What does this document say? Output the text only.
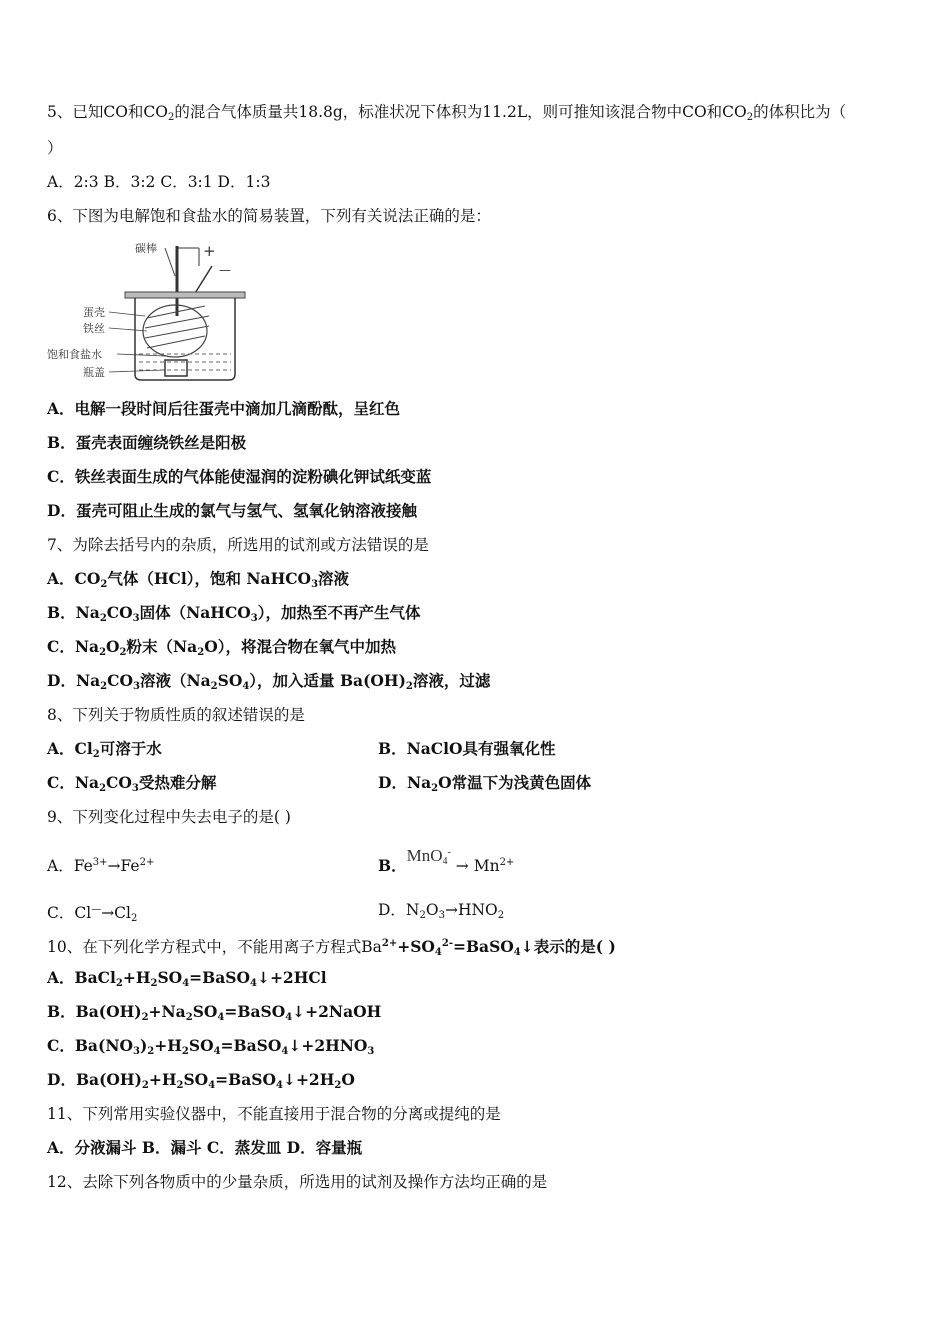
5、已知CO和$CO_2$的混合气体质量共18.8g，标准状况下体积为11.2L，则可推知该混合物中CO和$CO_2$的体积比为（
）
A．2:3 B．3:2 C．3:1 D．1:3
6、下图为电解饱和食盐水的简易装置，下列有关说法正确的是：
碳棒	+
—
蛋壳
铁丝
饱和食盐水
瓶盖
A．电解一段时间后往蛋壳中滴加几滴酚酞，呈红色
B．蛋壳表面缠绕铁丝是阳极
C．铁丝表面生成的气体能使湿润的淀粉碘化钾试纸变蓝
D．蛋壳可阻止生成的氯气与氢气、氢氧化钠溶液接触
7、为除去括号内的杂质，所选用的试剂或方法错误的是
A．$CO_2$气体（HCl），饱和 NaHCO$_3$溶液
B．$Na_2CO_3$固体（NaHCO$_3$），加热至不再产生气体
C．$Na_2O_2$粉末$(Na_2O)$，将混合物在氧气中加热
D．$Na_2CO_3$溶液$(Na_2SO_4)$，加入适量 $Ba(OH)_2$溶液，过滤
8、下列关于物质性质的叙述错误的是
A．$Cl_2$可溶于水	B．NaClO具有强氧化性
C．$Na_2CO_3$受热难分解	D．$Na_2O$常温下为浅黄色固体
9、下列变化过程中失去电子的是( )
A．$Fe^{3+}\to Fe^{2+}$	B．$MnO_4^- \to Mn^{2+}$
C．$Cl^—\to Cl_2$	D．$N_2O_3\to HNO_2$
10、在下列化学方程式中，不能用离子方程式$Ba^{2+}+SO_4^{2-}=BaSO_4↓$表示的是( )
A．$BaCl_2+H_2SO_4=BaSO_4↓+2HCl$
B．$Ba(OH)_2+Na_2SO_4=BaSO_4↓+2NaOH$
C．$Ba(NO_3)_2+H_2SO_4=BaSO_4↓+2HNO_3$
D．$Ba(OH)_2+H_2SO_4=BaSO_4↓+2H_2O$
11、下列常用实验仪器中，不能直接用于混合物的分离或提纯的是
A．分液漏斗 B．漏斗 C．蒸发皿 D．容量瓶
12、去除下列各物质中的少量杂质，所选用的试剂及操作方法均正确的是
